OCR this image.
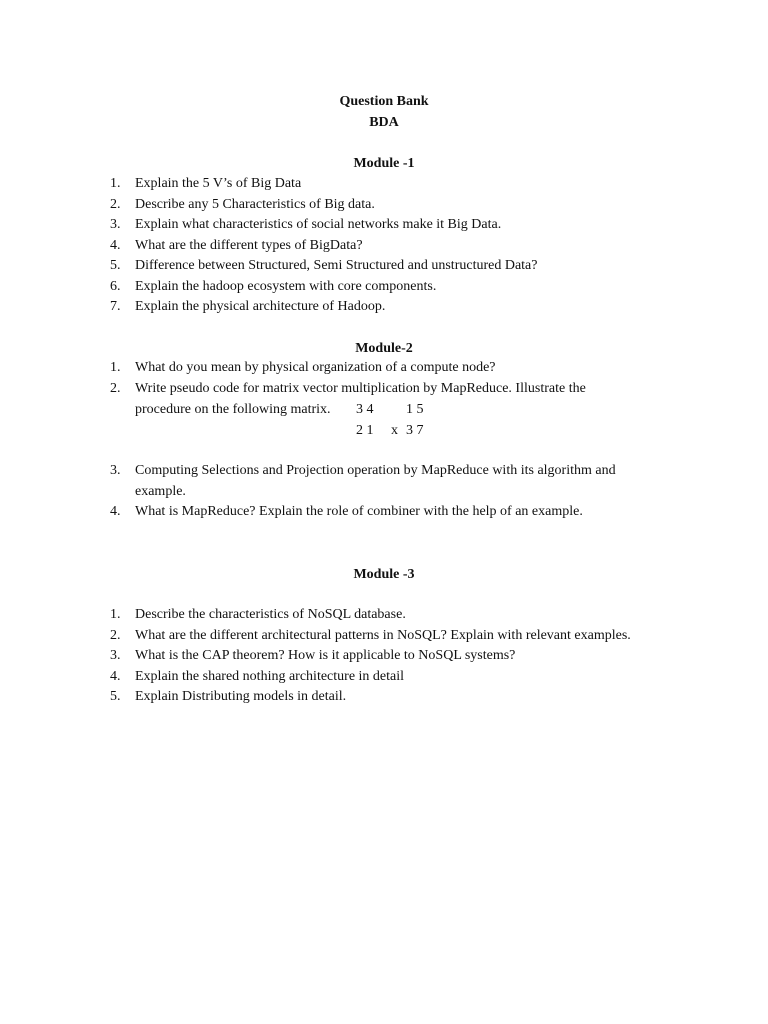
Question Bank
BDA
Module -1
1.	Explain the 5 V’s of Big Data
2.	Describe any 5 Characteristics of Big data.
3.	Explain what characteristics of social networks make it Big Data.
4.	What are the different types of BigData?
5.	Difference between Structured, Semi Structured and unstructured Data?
6.	Explain the hadoop ecosystem with core components.
7.	Explain the physical architecture of Hadoop.
Module-2
1.	What do you mean by physical organization of a compute node?
2.	Write pseudo code for matrix vector multiplication by MapReduce. Illustrate the
procedure on the following matrix. 3 4 1 5
2 1 x 3 7
3.	Computing Selections and Projection operation by MapReduce with its algorithm and
example.
4.	What is MapReduce? Explain the role of combiner with the help of an example.
Module -3
1.	Describe the characteristics of NoSQL database.
2.	What are the different architectural patterns in NoSQL? Explain with relevant examples.
3.	What is the CAP theorem? How is it applicable to NoSQL systems?
4.	Explain the shared nothing architecture in detail
5.	Explain Distributing models in detail.
